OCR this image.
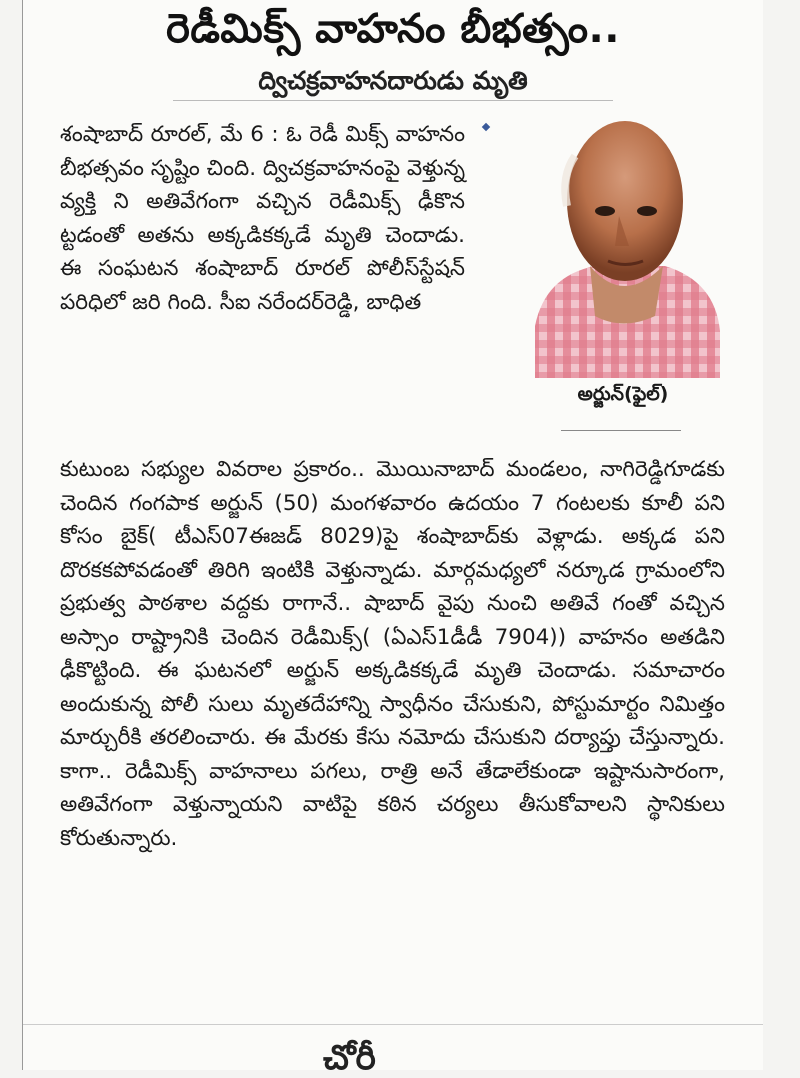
రెడీమిక్స్‌ వాహనం బీభత్సం..
ద్విచక్రవాహనదారుడు మృతి

శంషాబాద్‌ రూరల్‌, మే 6 : ఓ రెడీ మిక్స్‌ వాహనం బీభత్సవం సృష్టిం చింది. ద్విచక్రవాహనంపై వెళ్తున్న వ్యక్తి ని అతివేగంగా వచ్చిన రెడీమిక్స్‌ ఢీకొన ట్టడంతో అతను అక్కడికక్కడే మృతి చెందాడు. ఈ సంఘటన శంషాబాద్‌ రూరల్‌ పోలీస్‌స్టేషన్‌ పరిధిలో జరి గింది. సీఐ నరేందర్‌రెడ్డి, బాధిత

అర్జున్‌(ఫైల్‌)

కుటుంబ సభ్యుల వివరాల ప్రకారం.. మొయినాబాద్‌ మండలం, నాగిరెడ్డిగూడకు చెందిన గంగపాక అర్జున్‌ (50) మంగళవారం ఉదయం 7 గంటలకు కూలీ పని కోసం బైక్‌( టీఎస్‌07ఈజడ్‌ 8029)పై శంషాబాద్‌కు వెళ్లాడు. అక్కడ పని దొరకకపోవడంతో తిరిగి ఇంటికి వెళ్తున్నాడు. మార్గమధ్యలో నర్కూడ గ్రామంలోని ప్రభుత్వ పాఠశాల వద్దకు రాగానే.. షాబాద్‌ వైపు నుంచి అతివే గంతో వచ్చిన అస్సాం రాష్ట్రానికి చెందిన రెడీమిక్స్‌( (ఏఎస్‌1డీడీ 7904)) వాహనం అతడిని ఢీకొట్టింది. ఈ ఘటనలో అర్జున్‌ అక్కడికక్కడే మృతి చెందాడు. సమాచారం అందుకున్న పోలీ సులు మృతదేహాన్ని స్వాధీనం చేసుకుని, పోస్టుమార్టం నిమిత్తం మార్చురీకి తరలించారు. ఈ మేరకు కేసు నమోదు చేసుకుని దర్యాప్తు చేస్తున్నారు. కాగా.. రెడీమిక్స్‌ వాహనాలు పగలు, రాత్రి అనే తేడాలేకుండా ఇష్టానుసారంగా, అతివేగంగా వెళ్తున్నాయని వాటిపై కఠిన చర్యలు తీసుకోవాలని స్థానికులు కోరుతున్నారు.

చోరీ
